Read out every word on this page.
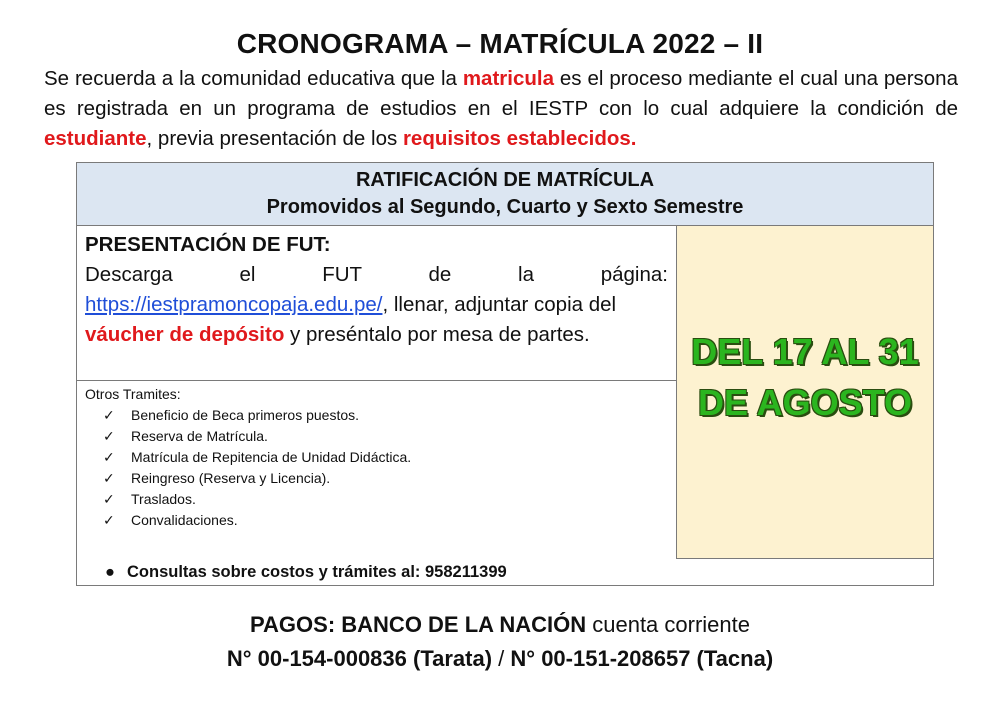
CRONOGRAMA – MATRÍCULA 2022 – II
Se recuerda a la comunidad educativa que la matricula es el proceso mediante el cual una persona es registrada en un programa de estudios en el IESTP con lo cual adquiere la condición de estudiante, previa presentación de los requisitos establecidos.
RATIFICACIÓN DE MATRÍCULA
Promovidos al Segundo, Cuarto y Sexto Semestre
PRESENTACIÓN DE FUT:
Descarga el FUT de la página:
https://iestpramoncopaja.edu.pe/, llenar, adjuntar copia del váucher de depósito y preséntalo por mesa de partes.
Otros Tramites:
✓ Beneficio de Beca primeros puestos.
✓ Reserva de Matrícula.
✓ Matrícula de Repitencia de Unidad Didáctica.
✓ Reingreso (Reserva y Licencia).
✓ Traslados.
✓ Convalidaciones.
DEL 17 AL 31
DE AGOSTO
● Consultas sobre costos y trámites al: 958211399
PAGOS: BANCO DE LA NACIÓN cuenta corriente
N° 00-154-000836 (Tarata) / N° 00-151-208657 (Tacna)
